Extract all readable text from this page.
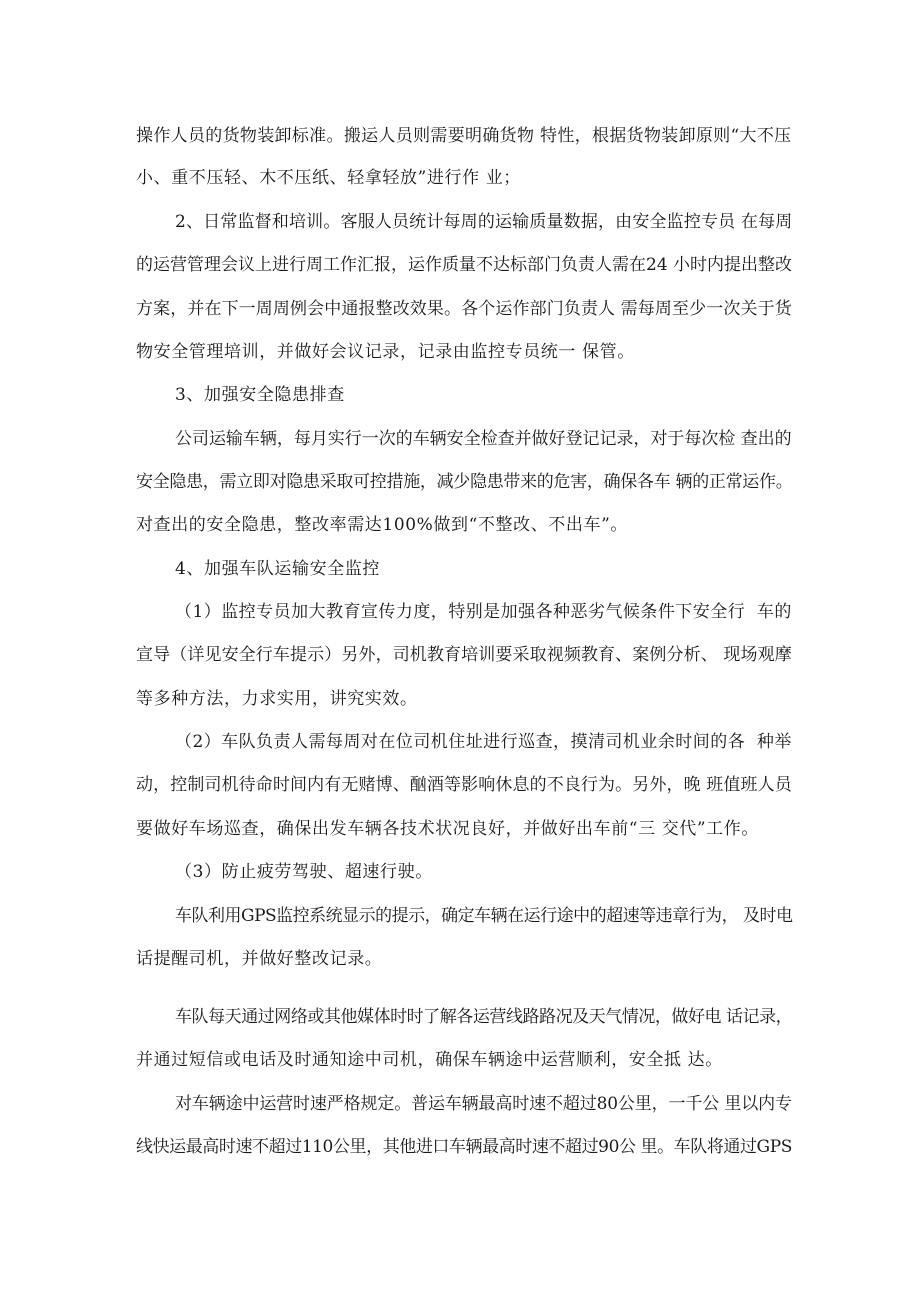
操作人员的货物装卸标准。搬运人员则需要明确货物 特性，根据货物装卸原则“大不压
小、重不压轻、木不压纸、轻拿轻放”进行作 业；
2、日常监督和培训。客服人员统计每周的运输质量数据，由安全监控专员 在每周
的运营管理会议上进行周工作汇报，运作质量不达标部门负责人需在24 小时内提出整改
方案，并在下一周周例会中通报整改效果。各个运作部门负责人 需每周至少一次关于货
物安全管理培训，并做好会议记录，记录由监控专员统一 保管。
3、加强安全隐患排查
公司运输车辆，每月实行一次的车辆安全检查并做好登记记录，对于每次检 查出的
安全隐患，需立即对隐患采取可控措施，减少隐患带来的危害，确保各车 辆的正常运作。
对查出的安全隐患，整改率需达100%做到“不整改、不出车”。
4、加强车队运输安全监控
（1）监控专员加大教育宣传力度，特别是加强各种恶劣气候条件下安全行  车的
宣导（详见安全行车提示）另外，司机教育培训要采取视频教育、案例分析、 现场观摩
等多种方法，力求实用，讲究实效。
（2）车队负责人需每周对在位司机住址进行巡查，摸清司机业余时间的各  种举
动，控制司机待命时间内有无赌博、酗酒等影响休息的不良行为。另外，晚 班值班人员
要做好车场巡查，确保出发车辆各技术状况良好，并做好出车前“三 交代”工作。
（3）防止疲劳驾驶、超速行驶。
车队利用GPS监控系统显示的提示，确定车辆在运行途中的超速等违章行为， 及时电
话提醒司机，并做好整改记录。
车队每天通过网络或其他媒体时时了解各运营线路路况及天气情况，做好电 话记录，
并通过短信或电话及时通知途中司机，确保车辆途中运营顺利，安全抵 达。
对车辆途中运营时速严格规定。普运车辆最高时速不超过80公里，一千公 里以内专
线快运最高时速不超过110公里，其他进口车辆最高时速不超过90公 里。车队将通过GPS
